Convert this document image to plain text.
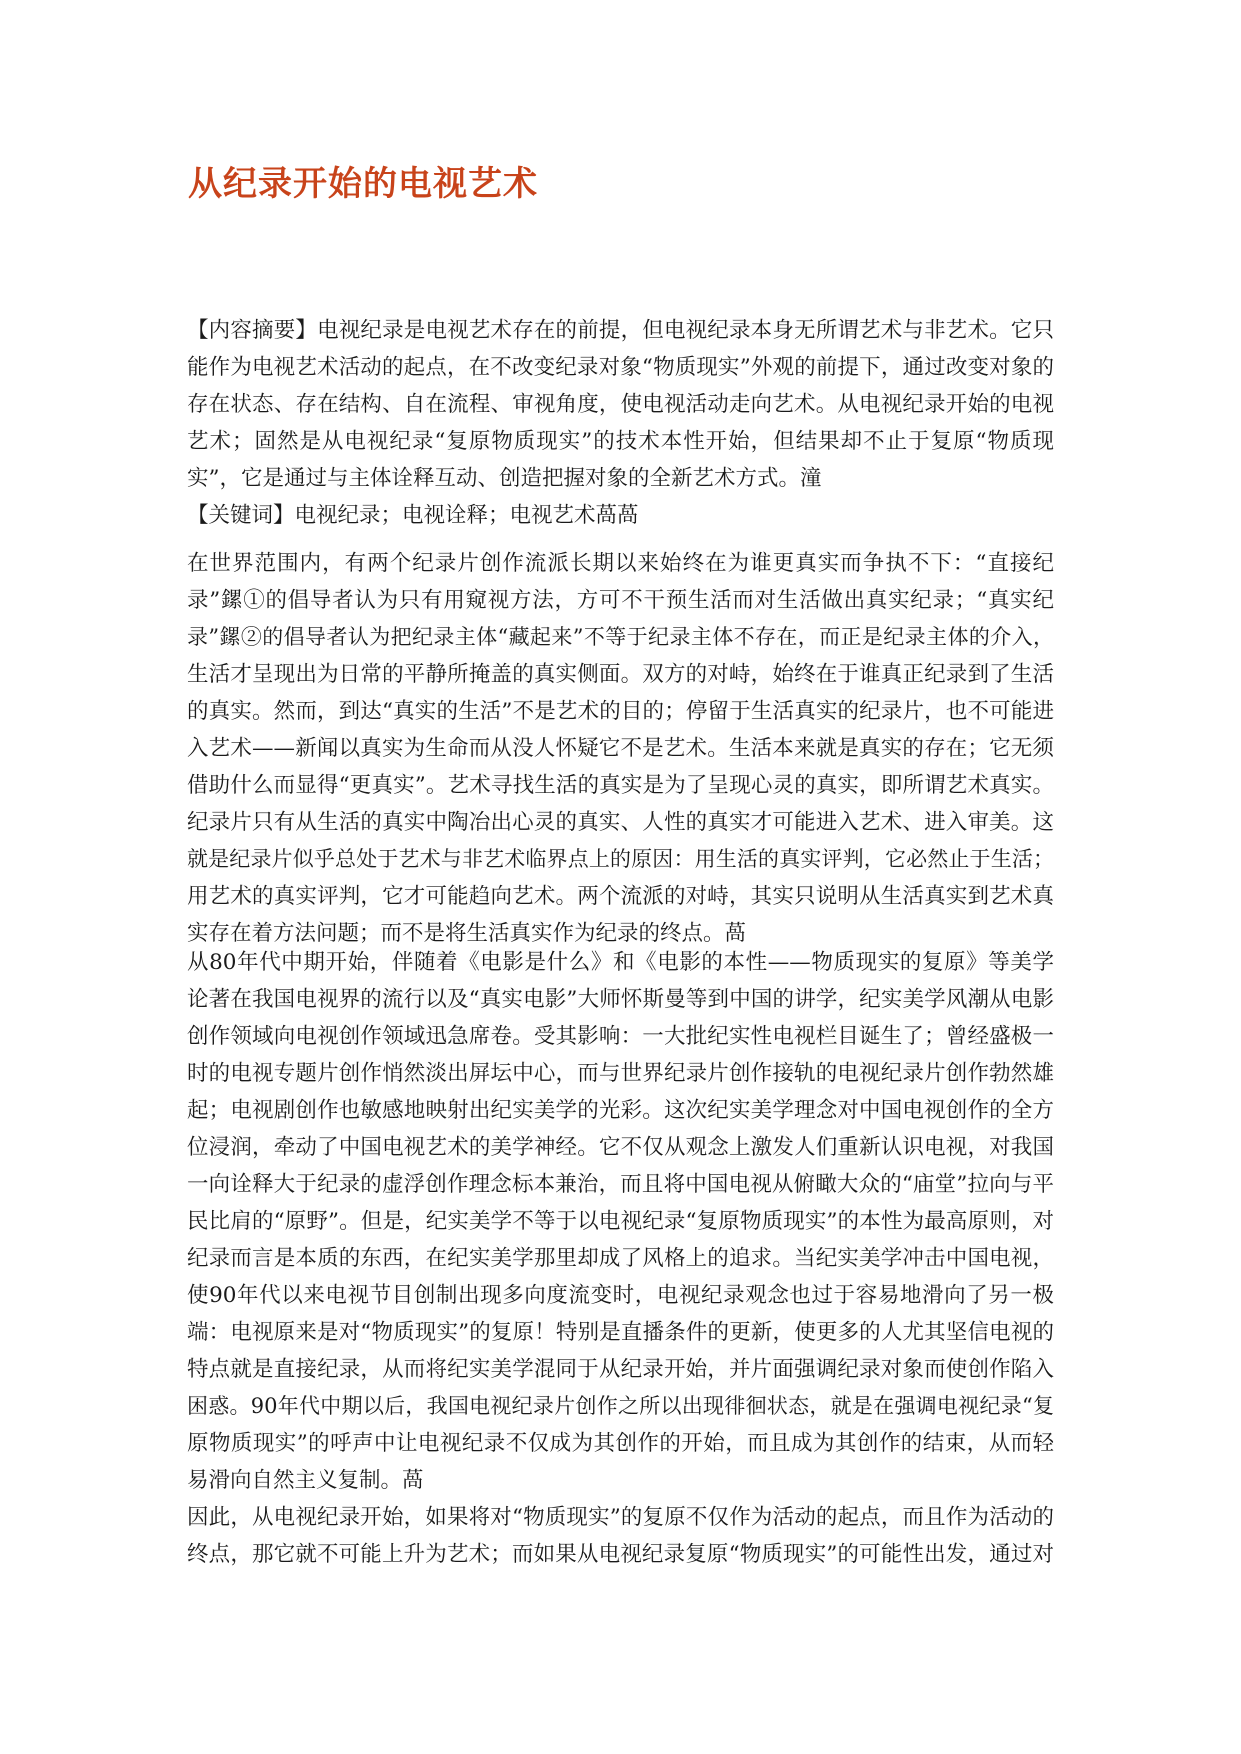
从纪录开始的电视艺术
【内容摘要】电视纪录是电视艺术存在的前提，但电视纪录本身无所谓艺术与非艺术。它只
能作为电视艺术活动的起点，在不改变纪录对象“物质现实”外观的前提下，通过改变对象的
存在状态、存在结构、自在流程、审视角度，使电视活动走向艺术。从电视纪录开始的电视
艺术；固然是从电视纪录“复原物质现实”的技术本性开始，但结果却不止于复原“物质现
实”，它是通过与主体诠释互动、创造把握对象的全新艺术方式。潼
【关键词】电视纪录；电视诠释；电视艺术萵萵
在世界范围内，有两个纪录片创作流派长期以来始终在为谁更真实而争执不下：“直接纪
录”鏍①的倡导者认为只有用窥视方法，方可不干预生活而对生活做出真实纪录；“真实纪
录”鏍②的倡导者认为把纪录主体“藏起来”不等于纪录主体不存在，而正是纪录主体的介入，
生活才呈现出为日常的平静所掩盖的真实侧面。双方的对峙，始终在于谁真正纪录到了生活
的真实。然而，到达“真实的生活”不是艺术的目的；停留于生活真实的纪录片，也不可能进
入艺术——新闻以真实为生命而从没人怀疑它不是艺术。生活本来就是真实的存在；它无须
借助什么而显得“更真实”。艺术寻找生活的真实是为了呈现心灵的真实，即所谓艺术真实。
纪录片只有从生活的真实中陶冶出心灵的真实、人性的真实才可能进入艺术、进入审美。这
就是纪录片似乎总处于艺术与非艺术临界点上的原因：用生活的真实评判，它必然止于生活；
用艺术的真实评判，它才可能趋向艺术。两个流派的对峙，其实只说明从生活真实到艺术真
实存在着方法问题；而不是将生活真实作为纪录的终点。萵
从80年代中期开始，伴随着《电影是什么》和《电影的本性——物质现实的复原》等美学
论著在我国电视界的流行以及“真实电影”大师怀斯曼等到中国的讲学，纪实美学风潮从电影
创作领域向电视创作领域迅急席卷。受其影响：一大批纪实性电视栏目诞生了；曾经盛极一
时的电视专题片创作悄然淡出屏坛中心，而与世界纪录片创作接轨的电视纪录片创作勃然雄
起；电视剧创作也敏感地映射出纪实美学的光彩。这次纪实美学理念对中国电视创作的全方
位浸润，牵动了中国电视艺术的美学神经。它不仅从观念上激发人们重新认识电视，对我国
一向诠释大于纪录的虚浮创作理念标本兼治，而且将中国电视从俯瞰大众的“庙堂”拉向与平
民比肩的“原野”。但是，纪实美学不等于以电视纪录“复原物质现实”的本性为最高原则，对
纪录而言是本质的东西，在纪实美学那里却成了风格上的追求。当纪实美学冲击中国电视，
使90年代以来电视节目创制出现多向度流变时，电视纪录观念也过于容易地滑向了另一极
端：电视原来是对“物质现实”的复原！特别是直播条件的更新，使更多的人尤其坚信电视的
特点就是直接纪录，从而将纪实美学混同于从纪录开始，并片面强调纪录对象而使创作陷入
困惑。90年代中期以后，我国电视纪录片创作之所以出现徘徊状态，就是在强调电视纪录“复
原物质现实”的呼声中让电视纪录不仅成为其创作的开始，而且成为其创作的结束，从而轻
易滑向自然主义复制。萵
因此，从电视纪录开始，如果将对“物质现实”的复原不仅作为活动的起点，而且作为活动的
终点，那它就不可能上升为艺术；而如果从电视纪录复原“物质现实”的可能性出发，通过对
